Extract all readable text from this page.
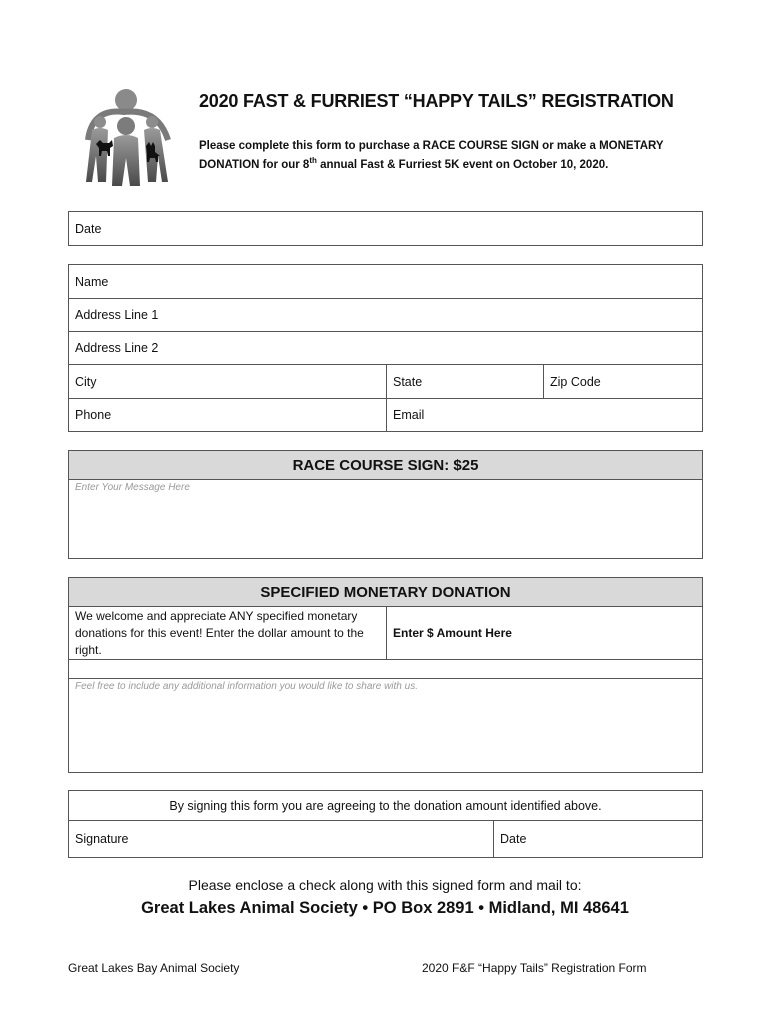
2020 FAST & FURRIEST “HAPPY TAILS” REGISTRATION
Please complete this form to purchase a RACE COURSE SIGN or make a MONETARY
DONATION for our 8th annual Fast & Furriest 5K event on October 10, 2020.
Date
Name
Address Line 1
Address Line 2
City	State	Zip Code
Phone	Email
RACE COURSE SIGN: $25
Enter Your Message Here
SPECIFIED MONETARY DONATION
We welcome and appreciate ANY specified monetary donations for this event! Enter the dollar amount to the right.
Enter $ Amount Here
Feel free to include any additional information you would like to share with us.
By signing this form you are agreeing to the donation amount identified above.
Signature	Date
Please enclose a check along with this signed form and mail to:
Great Lakes Animal Society • PO Box 2891 • Midland, MI 48641
Great Lakes Bay Animal Society	2020 F&F “Happy Tails” Registration Form
